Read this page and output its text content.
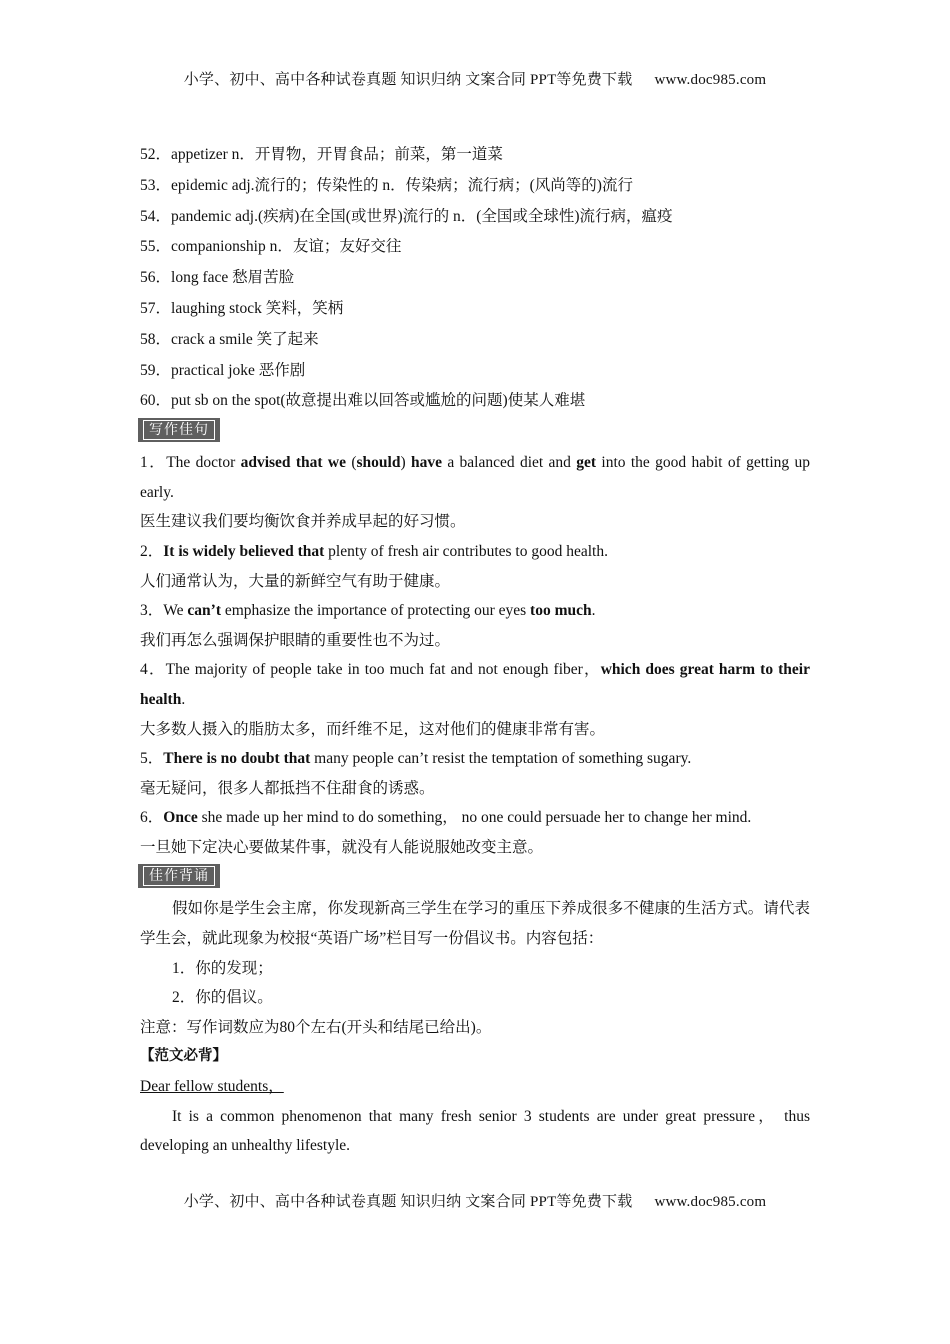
小学、初中、高中各种试卷真题 知识归纳 文案合同 PPT等免费下载 www.doc985.com
52．appetizer n．开胃物，开胃食品；前菜，第一道菜
53．epidemic adj.流行的；传染性的 n．传染病；流行病；(风尚等的)流行
54．pandemic adj.(疾病)在全国(或世界)流行的 n．(全国或全球性)流行病，瘟疫
55．companionship n．友谊；友好交往
56．long face 愁眉苦脸
57．laughing stock 笑料，笑柄
58．crack a smile 笑了起来
59．practical joke 恶作剧
60．put sb on the spot(故意提出难以回答或尴尬的问题)使某人难堪
写作佳句

1．The doctor advised that we (should) have a balanced diet and get into the good habit of getting up early.

医生建议我们要均衡饮食并养成早起的好习惯。

2．It is widely believed that plenty of fresh air contributes to good health.

人们通常认为，大量的新鲜空气有助于健康。

3．We can’t emphasize the importance of protecting our eyes too much.

我们再怎么强调保护眼睛的重要性也不为过。

4．The majority of people take in too much fat and not enough fiber，which does great harm to their health.

大多数人摄入的脂肪太多，而纤维不足，这对他们的健康非常有害。

5．There is no doubt that many people can’t resist the temptation of something sugary.

毫无疑问，很多人都抵挡不住甜食的诱惑。

6．Once she made up her mind to do something， no one could persuade her to change her mind.

一旦她下定决心要做某件事，就没有人能说服她改变主意。

佳作背诵

假如你是学生会主席，你发现新高三学生在学习的重压下养成很多不健康的生活方式。请代表学生会，就此现象为校报“英语广场”栏目写一份倡议书。内容包括：

1．你的发现；

2．你的倡议。

注意：写作词数应为80个左右(开头和结尾已给出)。

【范文必背】

Dear fellow students，

It is a common phenomenon that many fresh senior 3 students are under great pressure， thus developing an unhealthy lifestyle.

小学、初中、高中各种试卷真题 知识归纳 文案合同 PPT等免费下载 www.doc985.com
